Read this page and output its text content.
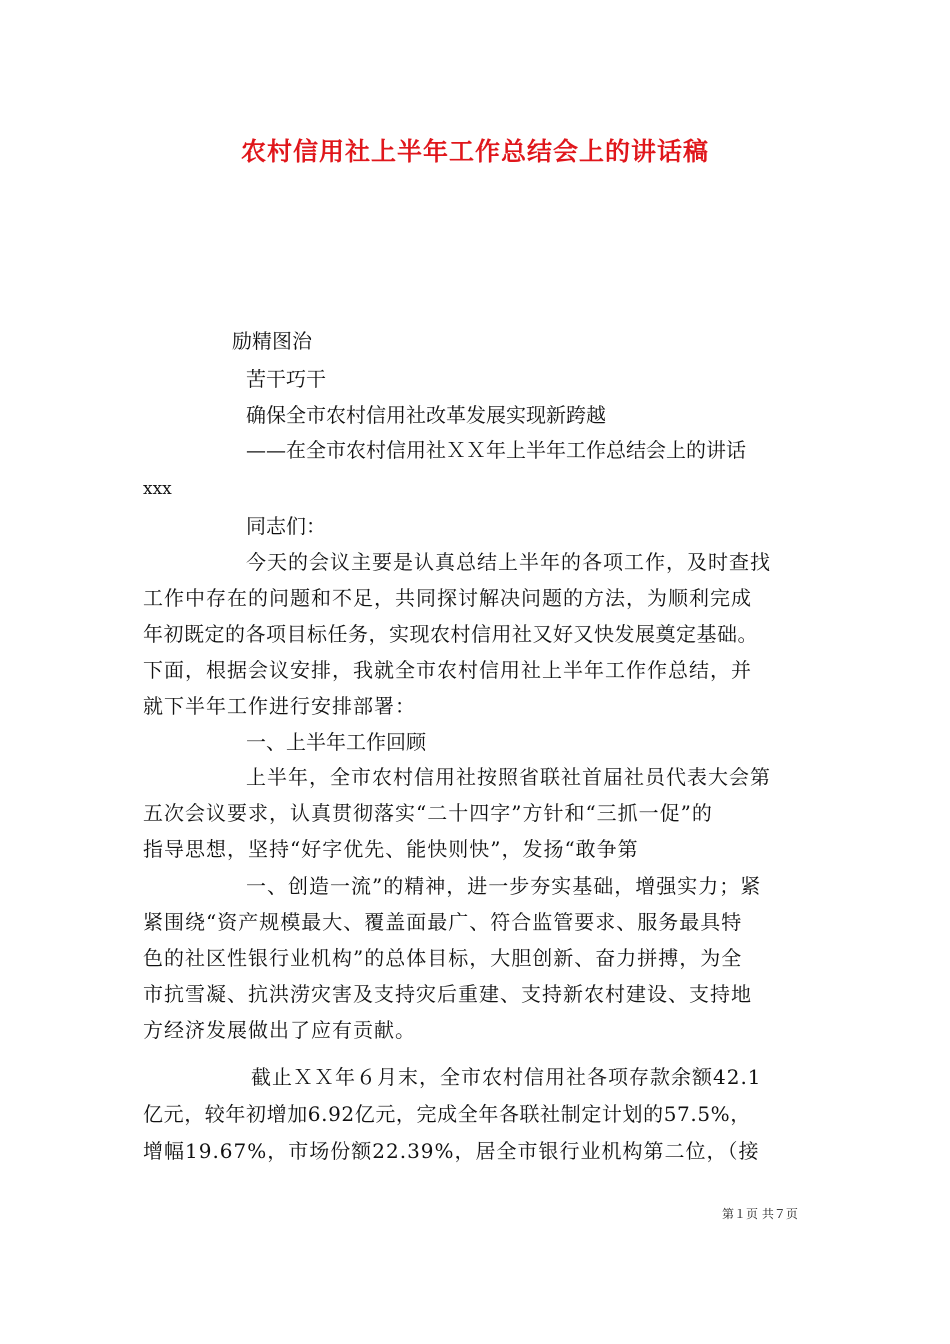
农村信用社上半年工作总结会上的讲话稿
励精图治
苦干巧干
确保全市农村信用社改革发展实现新跨越
——在全市农村信用社ＸＸ年上半年工作总结会上的讲话
xxx
同志们：
今天的会议主要是认真总结上半年的各项工作，及时查找
工作中存在的问题和不足，共同探讨解决问题的方法，为顺利完成
年初既定的各项目标任务，实现农村信用社又好又快发展奠定基础。
下面，根据会议安排，我就全市农村信用社上半年工作作总结，并
就下半年工作进行安排部署：
一、上半年工作回顾
上半年，全市农村信用社按照省联社首届社员代表大会第
五次会议要求，认真贯彻落实“二十四字”方针和“三抓一促”的
指导思想，坚持“好字优先、能快则快”，发扬“敢争第
一、创造一流”的精神，进一步夯实基础，增强实力；紧
紧围绕“资产规模最大、覆盖面最广、符合监管要求、服务最具特
色的社区性银行业机构”的总体目标，大胆创新、奋力拼搏，为全
市抗雪凝、抗洪涝灾害及支持灾后重建、支持新农村建设、支持地
方经济发展做出了应有贡献。
截止ＸＸ年６月末，全市农村信用社各项存款余额42.1
亿元，较年初增加6.92亿元，完成全年各联社制定计划的57.5%，
增幅19.67%，市场份额22.39%，居全市银行业机构第二位，（接
第１页 共７页
